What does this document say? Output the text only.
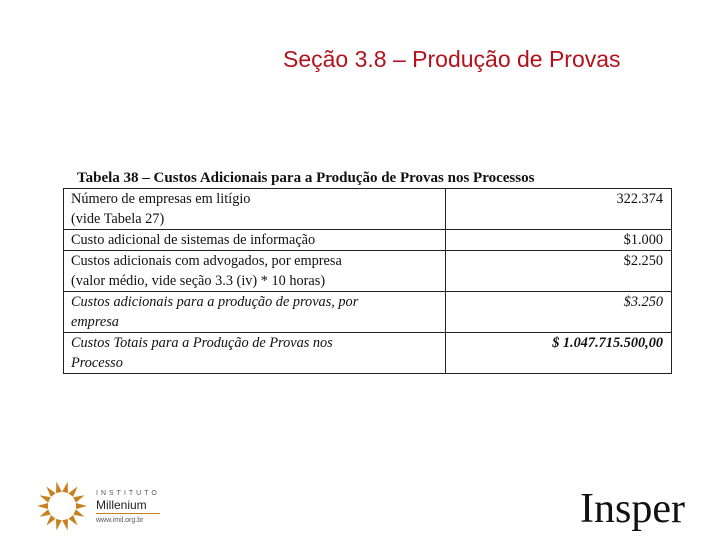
Seção 3.8 – Produção de Provas
Tabela 38 – Custos Adicionais para a Produção de Provas nos Processos
Número de empresas em litígio
(vide Tabela 27)	322.374

Custo adicional de sistemas de informação	$1.000

Custos adicionais com advogados, por empresa
(valor médio, vide seção 3.3 (iv) * 10 horas)	$2.250

Custos adicionais para a produção de provas, por
empresa	$3.250

Custos Totais para a Produção de Provas nos
Processo	$ 1.047.715.500,00
INSTITUTO
Millenium
www.imil.org.br	Insper
